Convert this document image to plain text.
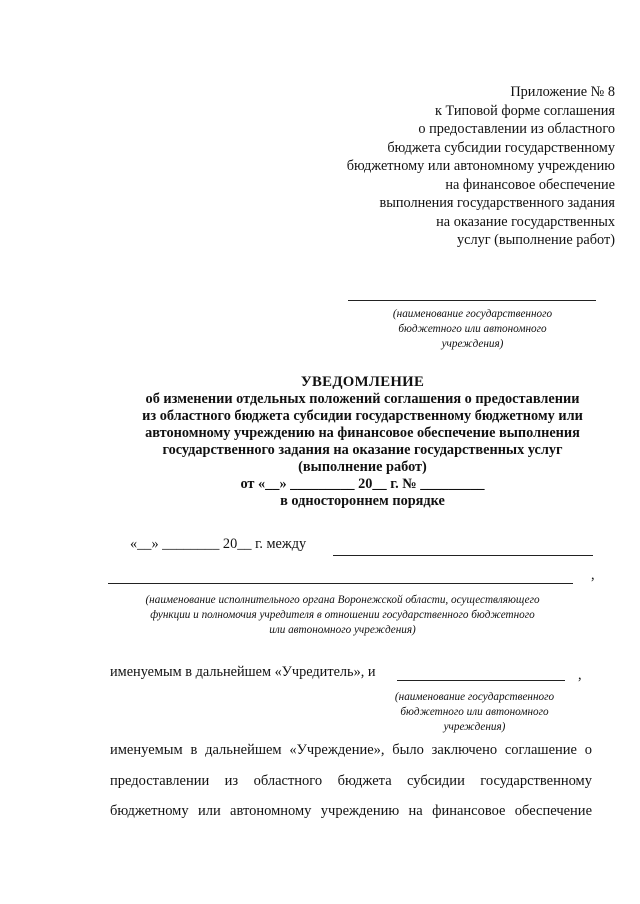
Приложение № 8
к Типовой форме соглашения
о предоставлении из областного
бюджета субсидии государственному
бюджетному или автономному учреждению
на финансовое обеспечение
выполнения государственного задания
на оказание государственных
услуг (выполнение работ)
(наименование государственного
бюджетного или автономного
учреждения)
УВЕДОМЛЕНИЕ
об изменении отдельных положений соглашения о предоставлении
из областного бюджета субсидии государственному бюджетному или
автономному учреждению на финансовое обеспечение выполнения
государственного задания на оказание государственных услуг
(выполнение работ)
от «__» _________ 20__ г. № _________
в одностороннем порядке
«__» ________ 20__ г. между
,
(наименование исполнительного органа Воронежской области, осуществляющего
функции и полномочия учредителя в отношении государственного бюджетного
или автономного учреждения)
именуемым в дальнейшем «Учредитель», и	,
(наименование государственного
бюджетного или автономного
учреждения)
именуемым в дальнейшем «Учреждение», было заключено соглашение о
предоставлении из областного бюджета субсидии государственному
бюджетному или автономному учреждению на финансовое обеспечение
